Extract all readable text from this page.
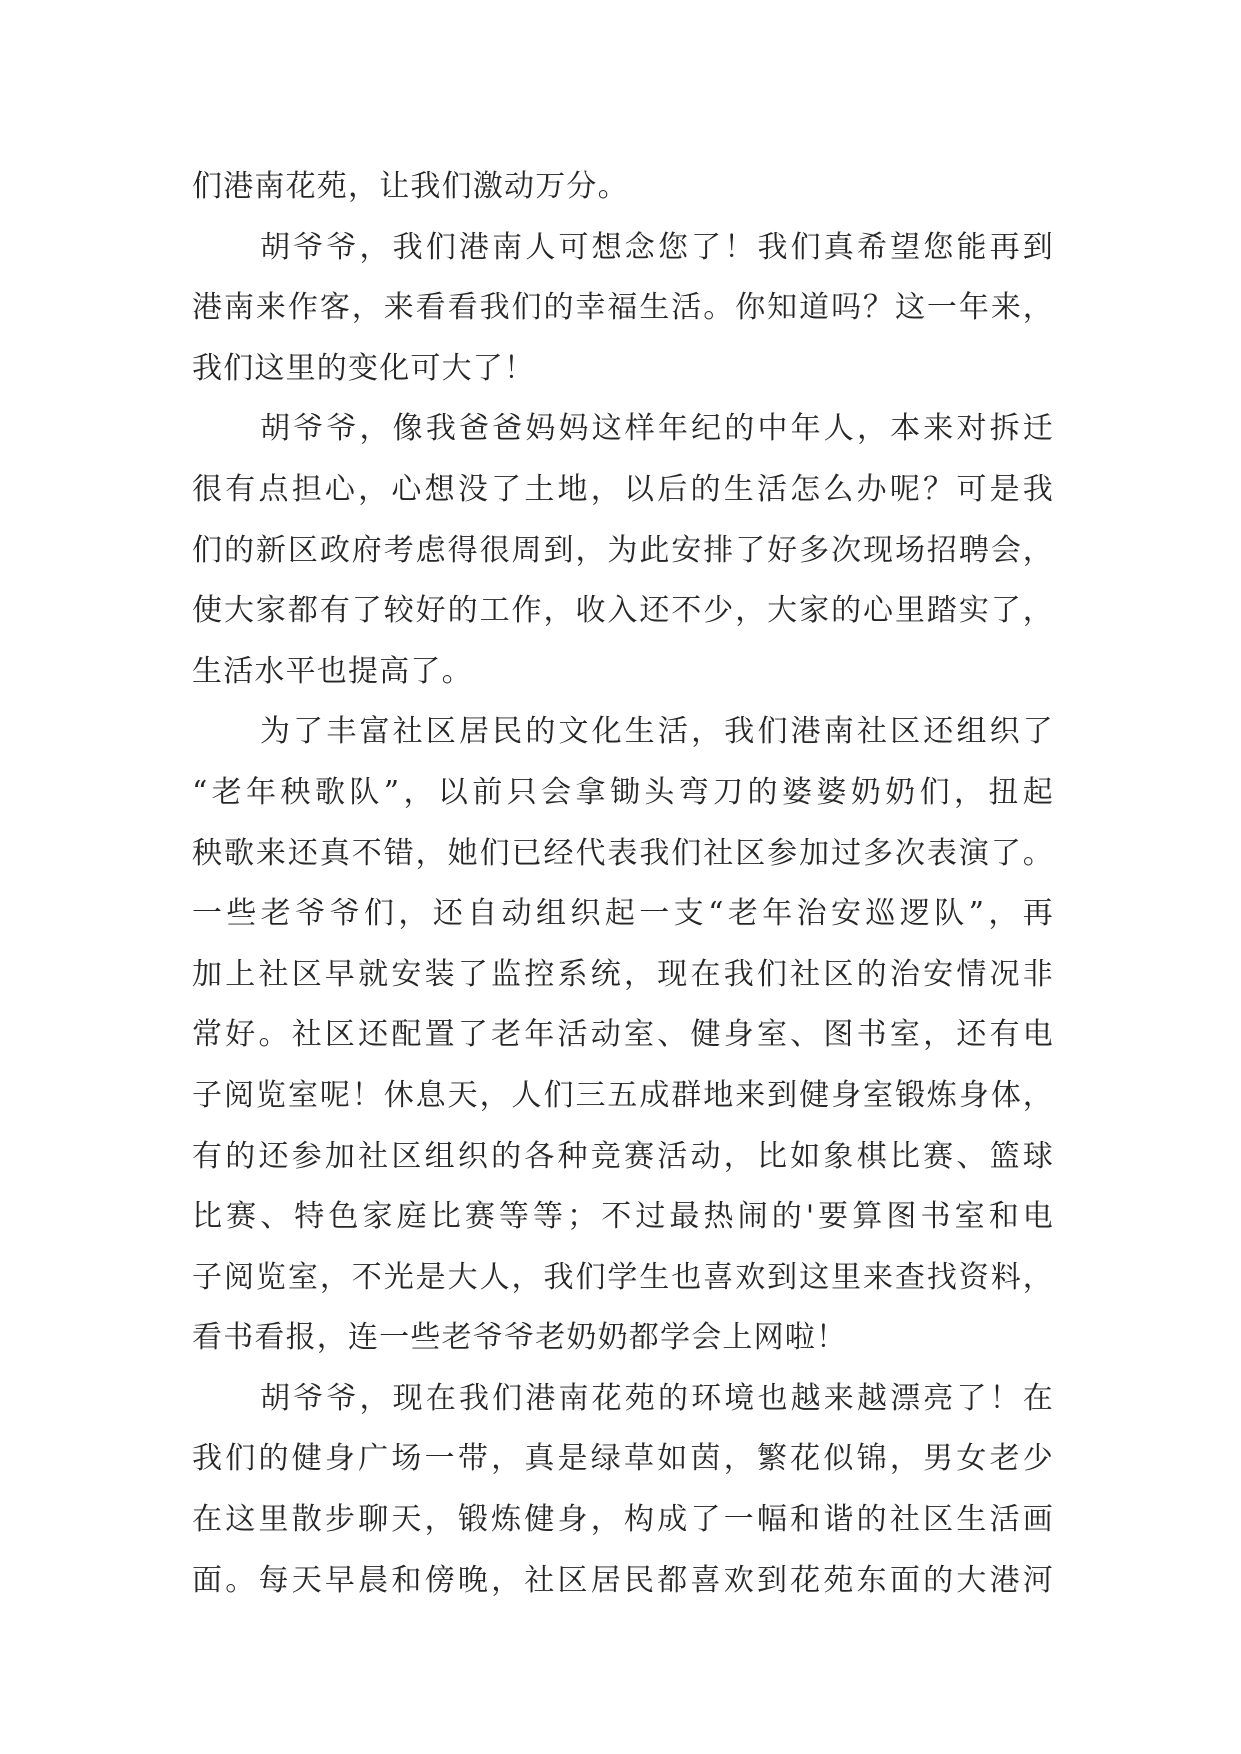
们港南花苑，让我们激动万分。
胡爷爷，我们港南人可想念您了！我们真希望您能再到
港南来作客，来看看我们的幸福生活。你知道吗？这一年来，
我们这里的变化可大了！
胡爷爷，像我爸爸妈妈这样年纪的中年人，本来对拆迁
很有点担心，心想没了土地，以后的生活怎么办呢？可是我
们的新区政府考虑得很周到，为此安排了好多次现场招聘会，
使大家都有了较好的工作，收入还不少，大家的心里踏实了，
生活水平也提高了。
为了丰富社区居民的文化生活，我们港南社区还组织了
“老年秧歌队”，以前只会拿锄头弯刀的婆婆奶奶们，扭起
秧歌来还真不错，她们已经代表我们社区参加过多次表演了。
一些老爷爷们，还自动组织起一支“老年治安巡逻队”，再
加上社区早就安装了监控系统，现在我们社区的治安情况非
常好。社区还配置了老年活动室、健身室、图书室，还有电
子阅览室呢！休息天，人们三五成群地来到健身室锻炼身体，
有的还参加社区组织的各种竞赛活动，比如象棋比赛、篮球
比赛、特色家庭比赛等等；不过最热闹的'要算图书室和电
子阅览室，不光是大人，我们学生也喜欢到这里来查找资料，
看书看报，连一些老爷爷老奶奶都学会上网啦！
胡爷爷，现在我们港南花苑的环境也越来越漂亮了！在
我们的健身广场一带，真是绿草如茵，繁花似锦，男女老少
在这里散步聊天，锻炼健身，构成了一幅和谐的社区生活画
面。每天早晨和傍晚，社区居民都喜欢到花苑东面的大港河
